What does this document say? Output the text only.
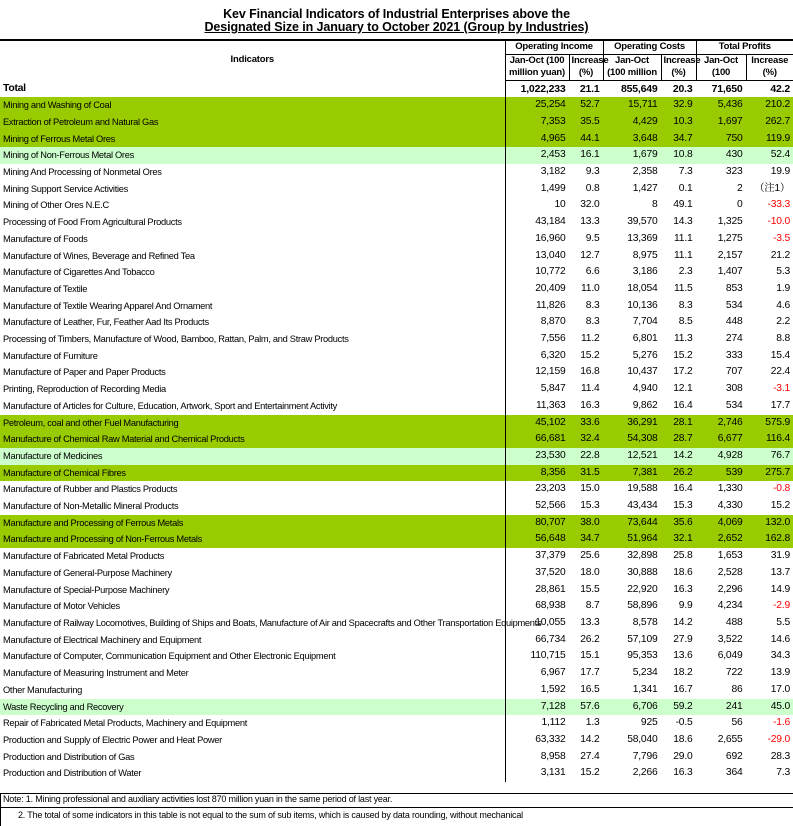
Kev Financial Indicators of Industrial Enterprises above the
Designated Size in January to October 2021 (Group by Industries)
Indicators	Operating Income		Operating Costs		Total Profits	
	Jan-Oct (100	Increase	Jan-Oct	Increase	Jan-Oct	Increase
	million yuan)	(%)	(100 million	(%)	(100	(%)
Total	1,022,233	21.1	855,649	20.3	71,650	42.2
Mining and Washing of Coal	25,254	52.7	15,711	32.9	5,436	210.2
Extraction of Petroleum and Natural Gas	7,353	35.5	4,429	10.3	1,697	262.7
Mining of Ferrous Metal Ores	4,965	44.1	3,648	34.7	750	119.9
Mining of Non-Ferrous Metal Ores	2,453	16.1	1,679	10.8	430	52.4
Mining And Processing of Nonmetal Ores	3,182	9.3	2,358	7.3	323	19.9
Mining Support Service Activities	1,499	0.8	1,427	0.1	2	（注1）
Mining of Other Ores N.E.C	10	32.0	8	49.1	0	-33.3
Processing of Food From Agricultural Products	43,184	13.3	39,570	14.3	1,325	-10.0
Manufacture of Foods	16,960	9.5	13,369	11.1	1,275	-3.5
Manufacture of Wines, Beverage and Refined Tea	13,040	12.7	8,975	11.1	2,157	21.2
Manufacture of Cigarettes And Tobacco	10,772	6.6	3,186	2.3	1,407	5.3
Manufacture of Textile	20,409	11.0	18,054	11.5	853	1.9
Manufacture of Textile Wearing Apparel And Ornament	11,826	8.3	10,136	8.3	534	4.6
Manufacture of Leather, Fur, Feather Aad Its Products	8,870	8.3	7,704	8.5	448	2.2
Processing of Timbers, Manufacture of Wood, Bamboo, Rattan, Palm, and Straw Products	7,556	11.2	6,801	11.3	274	8.8
Manufacture of Furniture	6,320	15.2	5,276	15.2	333	15.4
Manufacture of Paper and Paper Products	12,159	16.8	10,437	17.2	707	22.4
Printing, Reproduction of Recording Media	5,847	11.4	4,940	12.1	308	-3.1
Manufacture of Articles for Culture, Education, Artwork, Sport and Entertainment Activity	11,363	16.3	9,862	16.4	534	17.7
Petroleum, coal and other Fuel Manufacturing	45,102	33.6	36,291	28.1	2,746	575.9
Manufacture of Chemical Raw Material and Chemical Products	66,681	32.4	54,308	28.7	6,677	116.4
Manufacture of Medicines	23,530	22.8	12,521	14.2	4,928	76.7
Manufacture of Chemical Fibres	8,356	31.5	7,381	26.2	539	275.7
Manufacture of Rubber and Plastics Products	23,203	15.0	19,588	16.4	1,330	-0.8
Manufacture of Non-Metallic Mineral Products	52,566	15.3	43,434	15.3	4,330	15.2
Manufacture and Processing of Ferrous Metals	80,707	38.0	73,644	35.6	4,069	132.0
Manufacture and Processing of Non-Ferrous Metals	56,648	34.7	51,964	32.1	2,652	162.8
Manufacture of Fabricated Metal Products	37,379	25.6	32,898	25.8	1,653	31.9
Manufacture of General-Purpose Machinery	37,520	18.0	30,888	18.6	2,528	13.7
Manufacture of Special-Purpose Machinery	28,861	15.5	22,920	16.3	2,296	14.9
Manufacture of Motor Vehicles	68,938	8.7	58,896	9.9	4,234	-2.9
Manufacture of Railway Locomotives, Building of Ships and Boats, Manufacture of Air and Spacecrafts and Other Transportation Equipments	10,055	13.3	8,578	14.2	488	5.5
Manufacture of Electrical Machinery and Equipment	66,734	26.2	57,109	27.9	3,522	14.6
Manufacture of Computer, Communication Equipment and Other Electronic Equipment	110,715	15.1	95,353	13.6	6,049	34.3
Manufacture of Measuring Instrument and Meter	6,967	17.7	5,234	18.2	722	13.9
Other Manufacturing	1,592	16.5	1,341	16.7	86	17.0
Waste Recycling and Recovery	7,128	57.6	6,706	59.2	241	45.0
Repair of Fabricated Metal Products, Machinery and Equipment	1,112	1.3	925	-0.5	56	-1.6
Production and Supply of Electric Power and Heat Power	63,332	14.2	58,040	18.6	2,655	-29.0
Production and Distribution of Gas	8,958	27.4	7,796	29.0	692	28.3
Production and Distribution of Water	3,131	15.2	2,266	16.3	364	7.3
Note: 1. Mining professional and auxiliary activities lost 870 million yuan in the same period of last year.
2. The total of some indicators in this table is not equal to the sum of sub items, which is caused by data rounding, without mechanical
